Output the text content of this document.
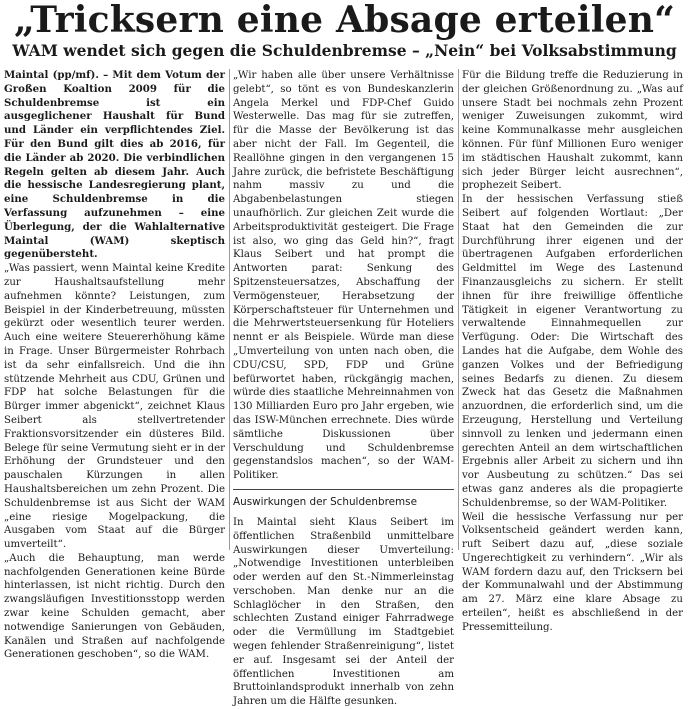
„Tricksern eine Absage erteilen“
WAM wendet sich gegen die Schuldenbremse – „Nein“ bei Volksabstimmung

Maintal (pp/mf). – Mit dem Votum der Großen Koaltion 2009 für die Schuldenbremse ist ein ausgeglichener Haushalt für Bund und Länder ein verpflichtendes Ziel. Für den Bund gilt dies ab 2016, für die Länder ab 2020. Die verbindlichen Regeln gelten ab diesem Jahr. Auch die hessische Landesregierung plant, eine Schuldenbremse in die Verfassung aufzunehmen – eine Überlegung, der die Wahlalternative Maintal (WAM) skeptisch gegenübersteht.

„Was passiert, wenn Maintal keine Kredite zur Haushaltsaufstellung mehr aufnehmen könnte? Leistungen, zum Beispiel in der Kinderbetreuung, müssten gekürzt oder wesentlich teurer werden. Auch eine weitere Steuererhöhung käme in Frage. Unser Bürgermeister Rohrbach ist da sehr einfallsreich. Und die ihn stützende Mehrheit aus CDU, Grünen und FDP hat solche Belastungen für die Bürger immer abgenickt“, zeichnet Klaus Seibert als stellvertretender Fraktionsvorsitzender ein düsteres Bild. Belege für seine Vermutung sieht er in der Erhöhung der Grundsteuer und den pauschalen Kürzungen in allen Haushaltsbereichen um zehn Prozent. Die Schuldenbremse ist aus Sicht der WAM „eine riesige Mogelpackung, die Ausgaben vom Staat auf die Bürger umverteilt“.

„Auch die Behauptung, man werde nachfolgenden Generationen keine Bürde hinterlassen, ist nicht richtig. Durch den zwangsläufigen Investitionsstopp werden zwar keine Schulden gemacht, aber notwendige Sanierungen von Gebäuden, Kanälen und Straßen auf nachfolgende Generationen geschoben“, so die WAM.

„Wir haben alle über unsere Verhältnisse gelebt“, so tönt es von Bundeskanzlerin Angela Merkel und FDP-Chef Guido Westerwelle. Das mag für sie zutreffen, für die Masse der Bevölkerung ist das aber nicht der Fall. Im Gegenteil, die Reallöhne gingen in den vergangenen 15 Jahre zurück, die befristete Beschäftigung nahm massiv zu und die Abgabenbelastungen stiegen unaufhörlich. Zur gleichen Zeit wurde die Arbeitsproduktivität gesteigert. Die Frage ist also, wo ging das Geld hin?“, fragt Klaus Seibert und hat prompt die Antworten parat: Senkung des Spitzensteuersatzes, Abschaffung der Vermögensteuer, Herabsetzung der Körperschaftsteuer für Unternehmen und die Mehrwertsteuersenkung für Hoteliers nennt er als Beispiele. Würde man diese „Umverteilung von unten nach oben, die CDU/CSU, SPD, FDP und Grüne befürwortet haben, rückgängig machen, würde dies staatliche Mehreinnahmen von 130 Milliarden Euro pro Jahr ergeben, wie das ISW-München errechnete. Dies würde sämtliche Diskussionen über Verschuldung und Schuldenbremse gegenstandslos machen“, so der WAM-Politiker.

Auswirkungen der Schuldenbremse

In Maintal sieht Klaus Seibert im öffentlichen Straßenbild unmittelbare Auswirkungen dieser Umverteilung: „Notwendige Investitionen unterbleiben oder werden auf den St.-Nimmerleinstag verschoben. Man denke nur an die Schlaglöcher in den Straßen, den schlechten Zustand einiger Fahrradwege oder die Vermüllung im Stadtgebiet wegen fehlender Straßenreinigung“, listet er auf. Insgesamt sei der Anteil der öffentlichen Investitionen am Bruttoinlandsprodukt innerhalb von zehn Jahren um die Hälfte gesunken.

Für die Bildung treffe die Reduzierung in der gleichen Größenordnung zu. „Was auf unsere Stadt bei nochmals zehn Prozent weniger Zuweisungen zukommt, wird keine Kommunalkasse mehr ausgleichen können. Für fünf Millionen Euro weniger im städtischen Haushalt zukommt, kann sich jeder Bürger leicht ausrechnen“, prophezeit Seibert.

In der hessischen Verfassung stieß Seibert auf folgenden Wortlaut: „Der Staat hat den Gemeinden die zur Durchführung ihrer eigenen und der übertragenen Aufgaben erforderlichen Geldmittel im Wege des Lastenund Finanzausgleichs zu sichern. Er stellt ihnen für ihre freiwillige öffentliche Tätigkeit in eigener Verantwortung zu verwaltende Einnahmequellen zur Verfügung. Oder: Die Wirtschaft des Landes hat die Aufgabe, dem Wohle des ganzen Volkes und der Befriedigung seines Bedarfs zu dienen. Zu diesem Zweck hat das Gesetz die Maßnahmen anzuordnen, die erforderlich sind, um die Erzeugung, Herstellung und Verteilung sinnvoll zu lenken und jedermann einen gerechten Anteil an dem wirtschaftlichen Ergebnis aller Arbeit zu sichern und ihn vor Ausbeutung zu schützen.“ Das sei etwas ganz anderes als die propagierte Schuldenbremse, so der WAM-Politiker.

Weil die hessische Verfassung nur per Volksentscheid geändert werden kann, ruft Seibert dazu auf, „diese soziale Ungerechtigkeit zu verhindern“. „Wir als WAM fordern dazu auf, den Tricksern bei der Kommunalwahl und der Abstimmung am 27. März eine klare Absage zu erteilen“, heißt es abschließend in der Pressemitteilung.
